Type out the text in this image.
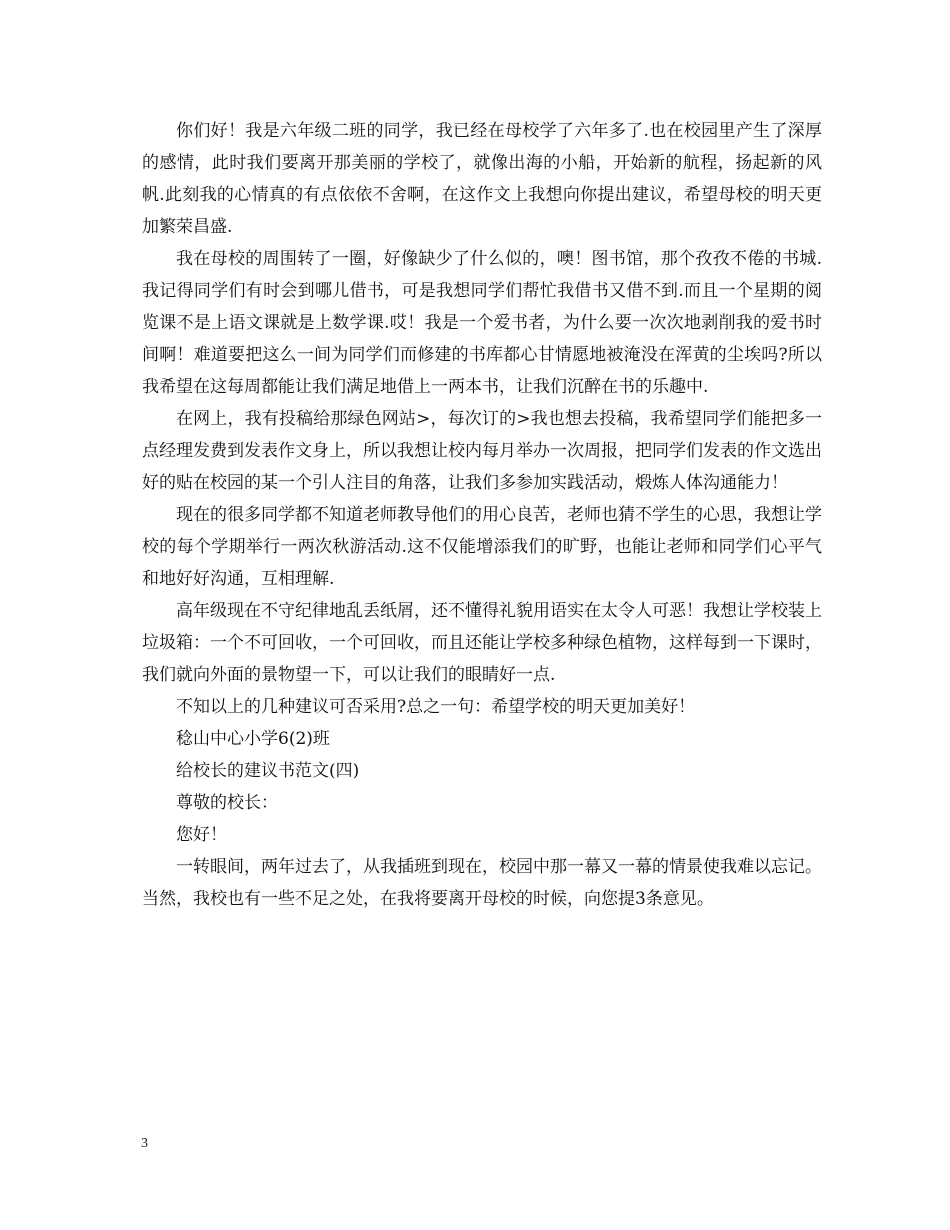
你们好！我是六年级二班的同学，我已经在母校学了六年多了.也在校园里产生了深厚的感情，此时我们要离开那美丽的学校了，就像出海的小船，开始新的航程，扬起新的风帆.此刻我的心情真的有点依依不舍啊，在这作文上我想向你提出建议，希望母校的明天更加繁荣昌盛.

我在母校的周围转了一圈，好像缺少了什么似的，噢！图书馆，那个孜孜不倦的书城.我记得同学们有时会到哪儿借书，可是我想同学们帮忙我借书又借不到.而且一个星期的阅览课不是上语文课就是上数学课.哎！我是一个爱书者，为什么要一次次地剥削我的爱书时间啊！难道要把这么一间为同学们而修建的书库都心甘情愿地被淹没在浑黄的尘埃吗?所以我希望在这每周都能让我们满足地借上一两本书，让我们沉醉在书的乐趣中.

在网上，我有投稿给那绿色网站>，每次订的>我也想去投稿，我希望同学们能把多一点经理发费到发表作文身上，所以我想让校内每月举办一次周报，把同学们发表的作文选出好的贴在校园的某一个引人注目的角落，让我们多参加实践活动，煅炼人体沟通能力！

现在的很多同学都不知道老师教导他们的用心良苦，老师也猜不学生的心思，我想让学校的每个学期举行一两次秋游活动.这不仅能增添我们的旷野，也能让老师和同学们心平气和地好好沟通，互相理解.

高年级现在不守纪律地乱丢纸屑，还不懂得礼貌用语实在太令人可恶！我想让学校装上垃圾箱：一个不可回收，一个可回收，而且还能让学校多种绿色植物，这样每到一下课时，我们就向外面的景物望一下，可以让我们的眼睛好一点.

不知以上的几种建议可否采用?总之一句：希望学校的明天更加美好！

稔山中心小学6(2)班

给校长的建议书范文(四)

尊敬的校长：

您好！

一转眼间，两年过去了，从我插班到现在，校园中那一幕又一幕的情景使我难以忘记。当然，我校也有一些不足之处，在我将要离开母校的时候，向您提3条意见。

3
